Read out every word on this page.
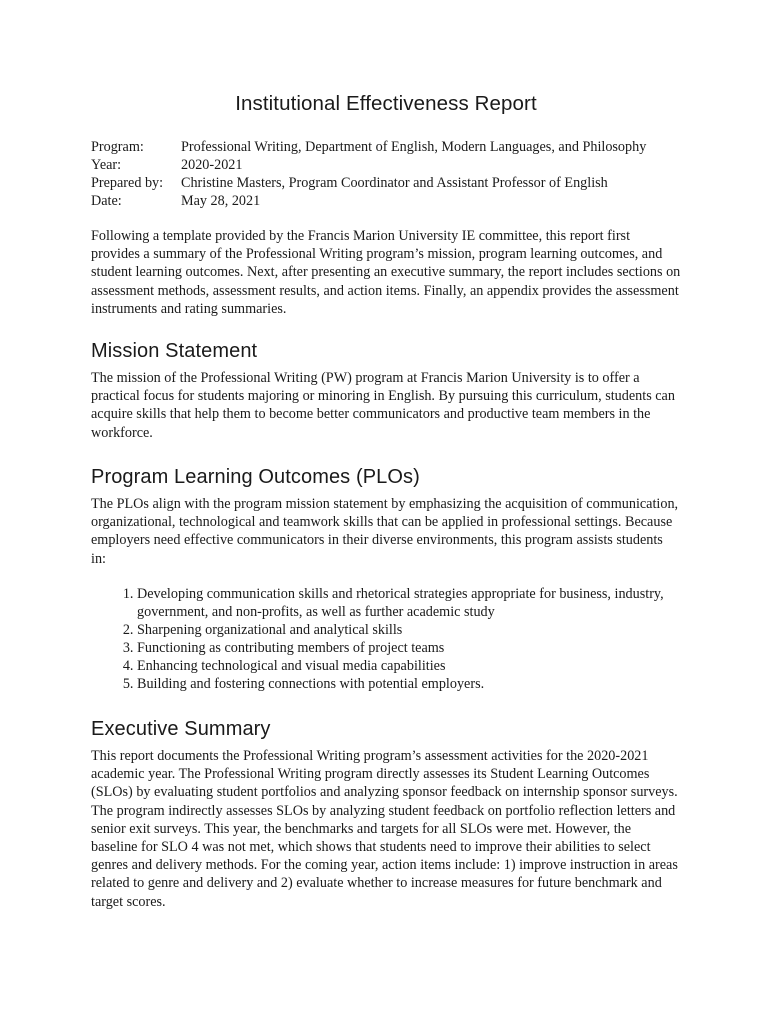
Institutional Effectiveness Report
Program:	Professional Writing, Department of English, Modern Languages, and Philosophy
Year:	2020-2021
Prepared by:	Christine Masters, Program Coordinator and Assistant Professor of English
Date:	May 28, 2021

Following a template provided by the Francis Marion University IE committee, this report first provides a summary of the Professional Writing program’s mission, program learning outcomes, and student learning outcomes. Next, after presenting an executive summary, the report includes sections on assessment methods, assessment results, and action items. Finally, an appendix provides the assessment instruments and rating summaries.

Mission Statement

The mission of the Professional Writing (PW) program at Francis Marion University is to offer a practical focus for students majoring or minoring in English. By pursuing this curriculum, students can acquire skills that help them to become better communicators and productive team members in the workforce.

Program Learning Outcomes (PLOs)

The PLOs align with the program mission statement by emphasizing the acquisition of communication, organizational, technological and teamwork skills that can be applied in professional settings. Because employers need effective communicators in their diverse environments, this program assists students in:

1. Developing communication skills and rhetorical strategies appropriate for business, industry, government, and non-profits, as well as further academic study
2. Sharpening organizational and analytical skills
3. Functioning as contributing members of project teams
4. Enhancing technological and visual media capabilities
5. Building and fostering connections with potential employers.
Executive Summary

This report documents the Professional Writing program’s assessment activities for the 2020-2021 academic year. The Professional Writing program directly assesses its Student Learning Outcomes (SLOs) by evaluating student portfolios and analyzing sponsor feedback on internship sponsor surveys. The program indirectly assesses SLOs by analyzing student feedback on portfolio reflection letters and senior exit surveys. This year, the benchmarks and targets for all SLOs were met. However, the baseline for SLO 4 was not met, which shows that students need to improve their abilities to select genres and delivery methods. For the coming year, action items include: 1) improve instruction in areas related to genre and delivery and 2) evaluate whether to increase measures for future benchmark and target scores.
